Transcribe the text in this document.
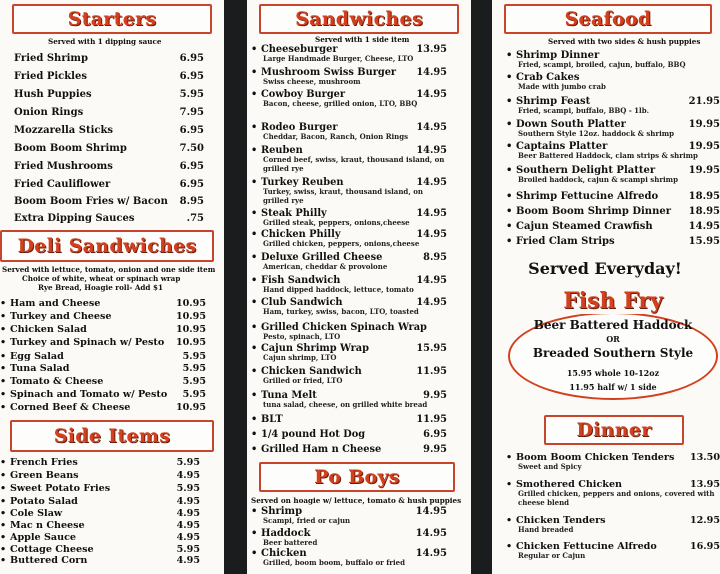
Starters
Served with 1 dipping sauce
Fried Shrimp	6.95
Fried Pickles	6.95
Hush Puppies	5.95
Onion Rings	7.95
Mozzarella Sticks	6.95
Boom Boom Shrimp	7.50
Fried Mushrooms	6.95
Fried Cauliflower	6.95
Boom Boom Fries w/ Bacon	8.95
Extra Dipping Sauces	.75
Deli Sandwiches
Served with lettuce, tomato, onion and one side item
Choice of white, wheat or spinach wrap
Rye Bread, Hoagie roll- Add $1
• Ham and Cheese	10.95
• Turkey and Cheese	10.95
• Chicken Salad	10.95
• Turkey and Spinach w/ Pesto	10.95
• Egg Salad	5.95
• Tuna Salad	5.95
• Tomato & Cheese	5.95
• Spinach and Tomato w/ Pesto	5.95
• Corned Beef & Cheese	10.95
Side Items
• French Fries	5.95
• Green Beans	4.95
• Sweet Potato Fries	5.95
• Potato Salad	4.95
• Cole Slaw	4.95
• Mac n Cheese	4.95
• Apple Sauce	4.95
• Cottage Cheese	5.95
• Buttered Corn	4.95
Sandwiches
Served with 1 side item
• Cheeseburger	13.95
Large Handmade Burger, Cheese, LTO
• Mushroom Swiss Burger	14.95
Swiss cheese, mushroom
• Cowboy Burger	14.95
Bacon, cheese, grilled onion, LTO, BBQ
• Rodeo Burger	14.95
Cheddar, Bacon, Ranch, Onion Rings
• Reuben	14.95
Corned beef, swiss, kraut, thousand island, on grilled rye
• Turkey Reuben	14.95
Turkey, swiss, kraut, thousand island, on grilled rye
• Steak Philly	14.95
Grilled steak, peppers, onions,cheese
• Chicken Philly	14.95
Grilled chicken, peppers, onions,cheese
• Deluxe Grilled Cheese	8.95
American, cheddar & provolone
• Fish Sandwich	14.95
Hand dipped haddock, lettuce, tomato
• Club Sandwich	14.95
Ham, turkey, swiss, bacon, LTO, toasted
• Grilled Chicken Spinach Wrap
Pesto, spinach, LTO
• Cajun Shrimp Wrap	15.95
Cajun shrimp, LTO
• Chicken Sandwich	11.95
Grilled or fried, LTO
• Tuna Melt	9.95
tuna salad, cheese, on grilled white bread
• BLT	11.95
• 1/4 pound Hot Dog	6.95
• Grilled Ham n Cheese	9.95
Po Boys
Served on hoagie w/ lettuce, tomato & hush puppies
• Shrimp	14.95
Scampi, fried or cajun
• Haddock	14.95
Beer battered
• Chicken	14.95
Grilled, boom boom, buffalo or fried
Seafood
Served with two sides & hush puppies
• Shrimp Dinner
Fried, scampi, broiled, cajun, buffalo, BBQ
• Crab Cakes
Made with jumbo crab
• Shrimp Feast	21.95
Fried, scampi, buffalo, BBQ - 1lb.
• Down South Platter	19.95
Southern Style 12oz. haddock & shrimp
• Captains Platter	19.95
Beer Battered Haddock, clam strips & shrimp
• Southern Delight Platter	19.95
Broiled haddock, cajun & scampi shrimp
• Shrimp Fettucine Alfredo	18.95
• Boom Boom Shrimp Dinner	18.95
• Cajun Steamed Crawfish	14.95
• Fried Clam Strips	15.95
Served Everyday!
Fish Fry
Beer Battered Haddock
OR
Breaded Southern Style
15.95 whole 10-12oz
11.95 half w/ 1 side
Dinner
• Boom Boom Chicken Tenders	13.50
Sweet and Spicy
• Smothered Chicken	13.95
Grilled chicken, peppers and onions, covered with cheese blend
• Chicken Tenders	12.95
Hand breaded
• Chicken Fettucine Alfredo	16.95
Regular or Cajun
